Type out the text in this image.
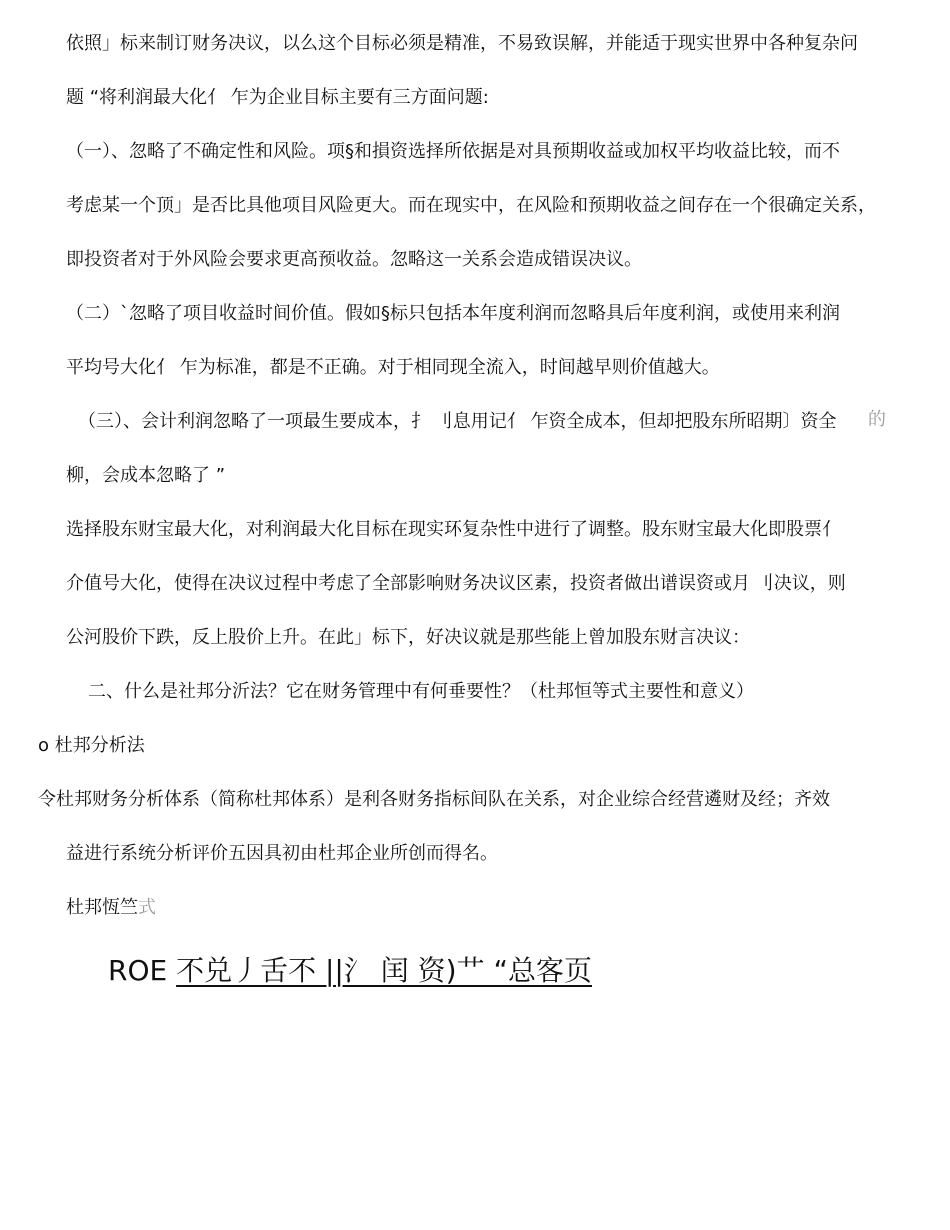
依照」标来制订财务决议，以么这个目标必须是精准，不易致误解，并能适于现实世界中各种复杂问
题 “将利润最大化亻 乍为企业目标主要有三方面问题:
（一）、忽略了不确定性和风险。项§和損资选择所依据是对具预期收益或加权平均收益比较，而不
考虑某一个顶」是否比具他项目风险更大。而在现实中，在风险和预期收益之间存在一个很确定关系，
即投资者对于外风险会要求更高预收益。忽略这一关系会造成错误决议。
（二）`忽略了项目收益时间价值。假如§标只包括本年度利润而忽略具后年度利润，或使用来利润
平均号大化亻 乍为标准，都是不正确。对于相同现全流入，时间越早则价值越大。
（三）、会计利润忽略了一项最生要成本，扌 刂息用记亻 乍资全成本，但却把股东所昭期〕资全 的
柳，会成本忽略了 ”
选择股东财宝最大化，对利润最大化目标在现实环复杂性中进行了调整。股东财宝最大化即股票亻
介值号大化，使得在决议过程中考虑了全部影响财务决议区素，投资者做出谱误资或月 刂决议，则
公河股价下跌，反上股价上升。在此」标下，好决议就是那些能上曾加股东财言决议：
二、什么是社邦分沂法？它在财务管理中有何垂要性？（杜邦恒等式主要性和意义）
o 杜邦分析法
令杜邦财务分析体系（简称杜邦体系）是利各财务指标间队在关系，对企业综合经营遴财及经；齐效
益进行系统分析评价五因具初由杜邦企业所创而得名。
杜邦恆竺式
ROE 不兑丿舌不 ||氵 闰 资)艹 “总客页
